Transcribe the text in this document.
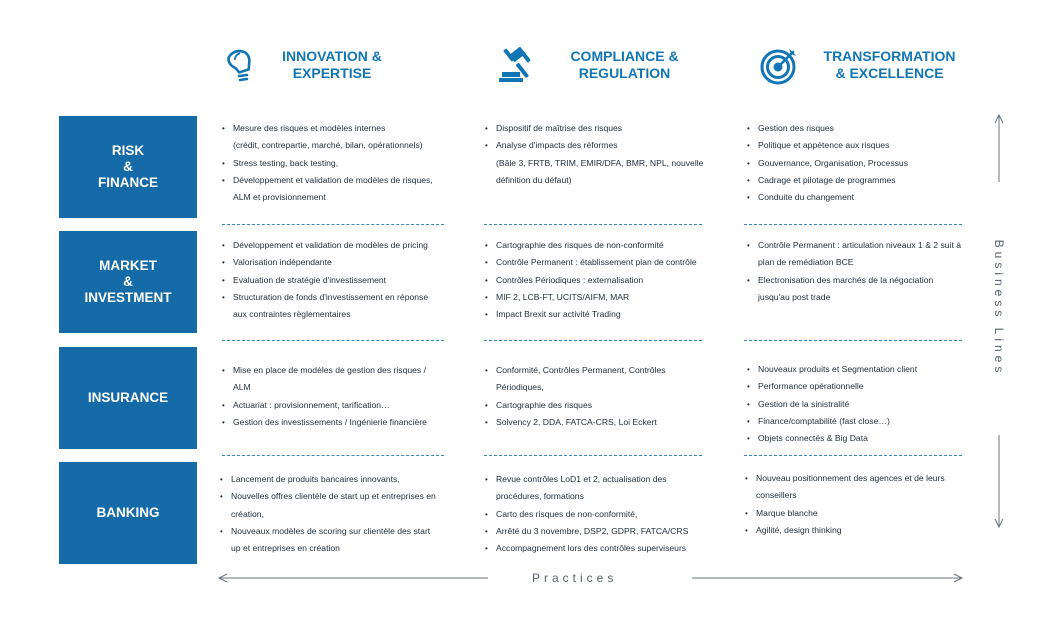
INNOVATION &
EXPERTISE
COMPLIANCE &
REGULATION
TRANSFORMATION
& EXCELLENCE
RISK
&
FINANCE
MARKET
&
INVESTMENT
INSURANCE
BANKING
• Mesure des risques et modèles internes
(crédit, contrepartie, marché, bilan, opérationnels)
• Stress testing, back testing,
• Développement et validation de modèles de risques,
ALM et provisionnement
• Dispositif de maîtrise des risques
• Analyse d'impacts des réformes
(Bâle 3, FRTB, TRIM, EMIR/DFA, BMR, NPL, nouvelle
définition du défaut)
• Gestion des risques
• Politique et appétence aux risques
• Gouvernance, Organisation, Processus
• Cadrage et pilotage de programmes
• Conduite du changement
• Développement et validation de modèles de pricing
• Valorisation indépendante
• Evaluation de stratégie d'investissement
• Structuration de fonds d'investissement en réponse
aux contraintes règlementaires
• Cartographie des risques de non-conformité
• Contrôle Permanent : établissement plan de contrôle
• Contrôles Périodiques : externalisation
• MIF 2, LCB-FT, UCITS/AIFM, MAR
• Impact Brexit sur activité Trading
• Contrôle Permanent : articulation niveaux 1 & 2 suit à
plan de remédiation BCE
• Electronisation des marchés de la négociation
jusqu'au post trade
• Mise en place de modèles de gestion des risques /
ALM
• Actuariat : provisionnement, tarification…
• Gestion des investissements / Ingénierie financière
• Conformité, Contrôles Permanent, Contrôles
Périodiques,
• Cartographie des risques
• Solvency 2, DDA, FATCA-CRS, Loi Eckert
• Nouveaux produits et Segmentation client
• Performance opérationnelle
• Gestion de la sinistralité
• Finance/comptabilité (fast close…)
• Objets connectés & Big Data
• Lancement de produits bancaires innovants,
• Nouvelles offres clientèle de start up et entreprises en
création,
• Nouveaux modèles de scoring sur clientèle des start
up et entreprises en création
• Revue contrôles LoD1 et 2, actualisation des
procédures, formations
• Carto des risques de non-conformité,
• Arrêté du 3 novembre, DSP2, GDPR, FATCA/CRS
• Accompagnement lors des contrôles superviseurs
• Nouveau positionnement des agences et de leurs
conseillers
• Marque blanche
• Agilité, design thinking
Practices
Business Lines
